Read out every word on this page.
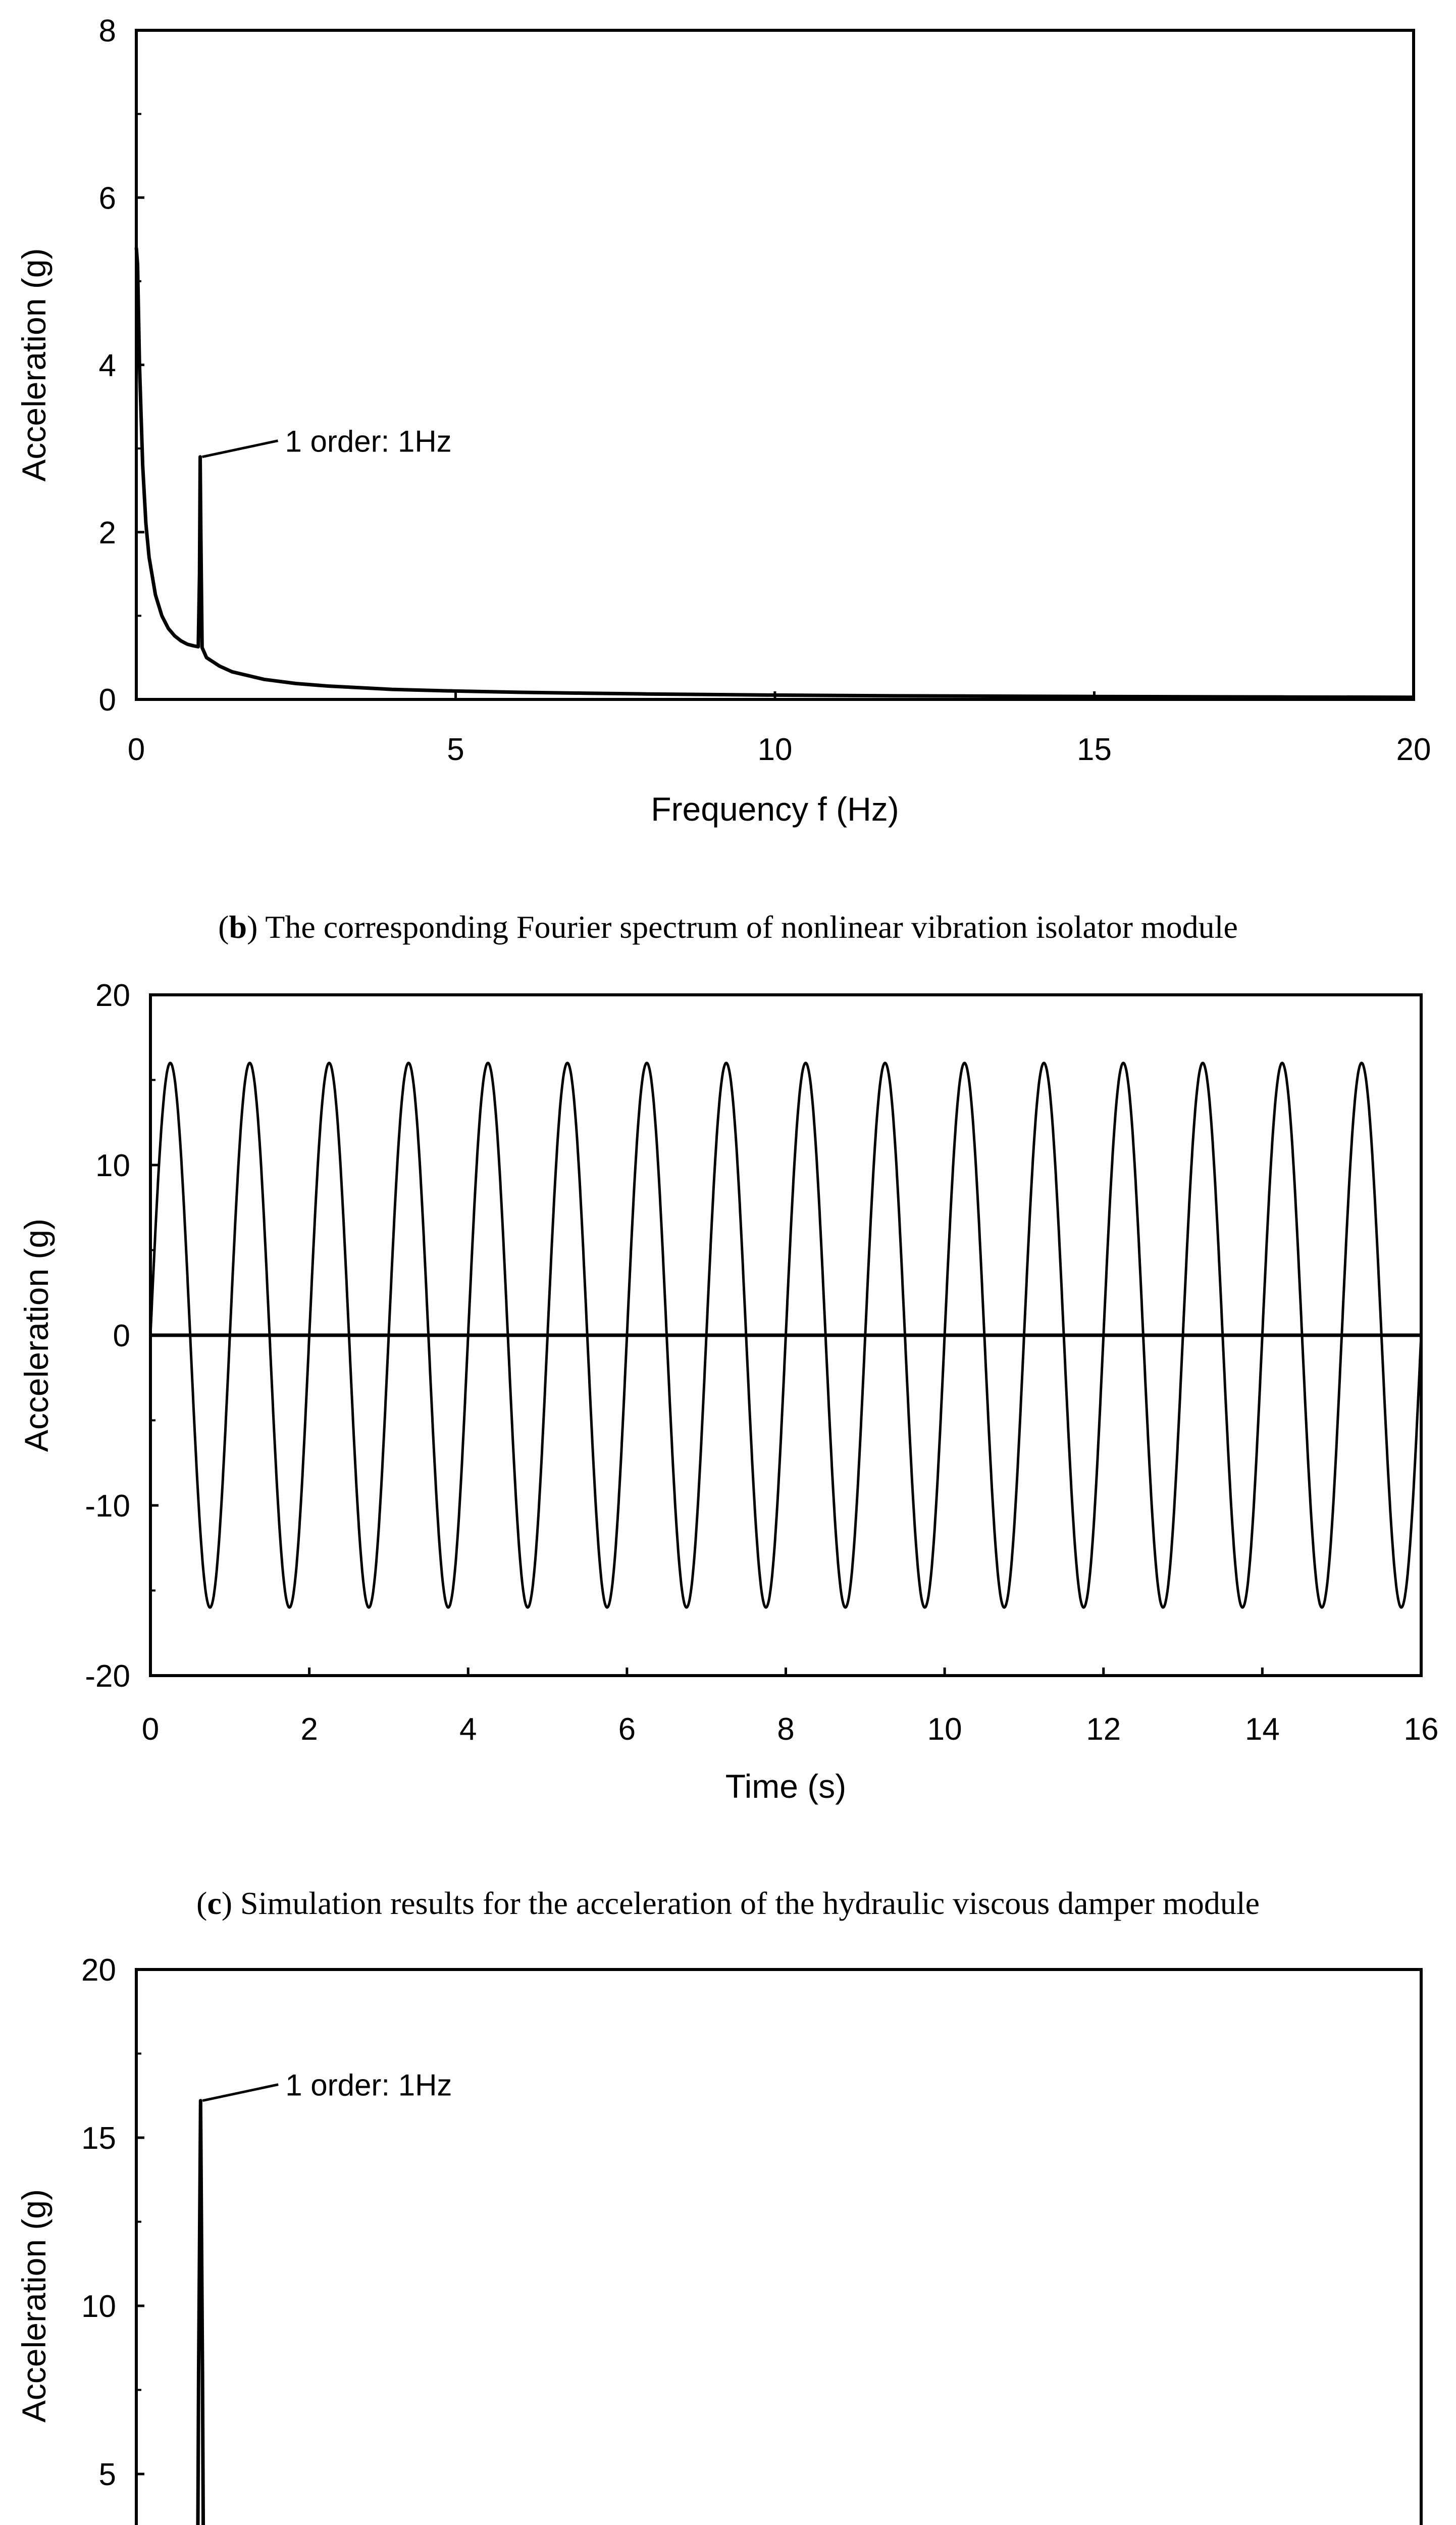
0
2
4
6
8
0	5	10	15	20
1 order: 1Hz
Frequency f (Hz)
Acceleration (g)
(b) The corresponding Fourier spectrum of nonlinear vibration isolator module
-20
-10
0
10
20
0	2	4	6	8	10	12	14	16
Time (s)
Acceleration (g)
(c) Simulation results for the acceleration of the hydraulic viscous damper module
5
10
15
20
1 order: 1Hz
Acceleration (g)
